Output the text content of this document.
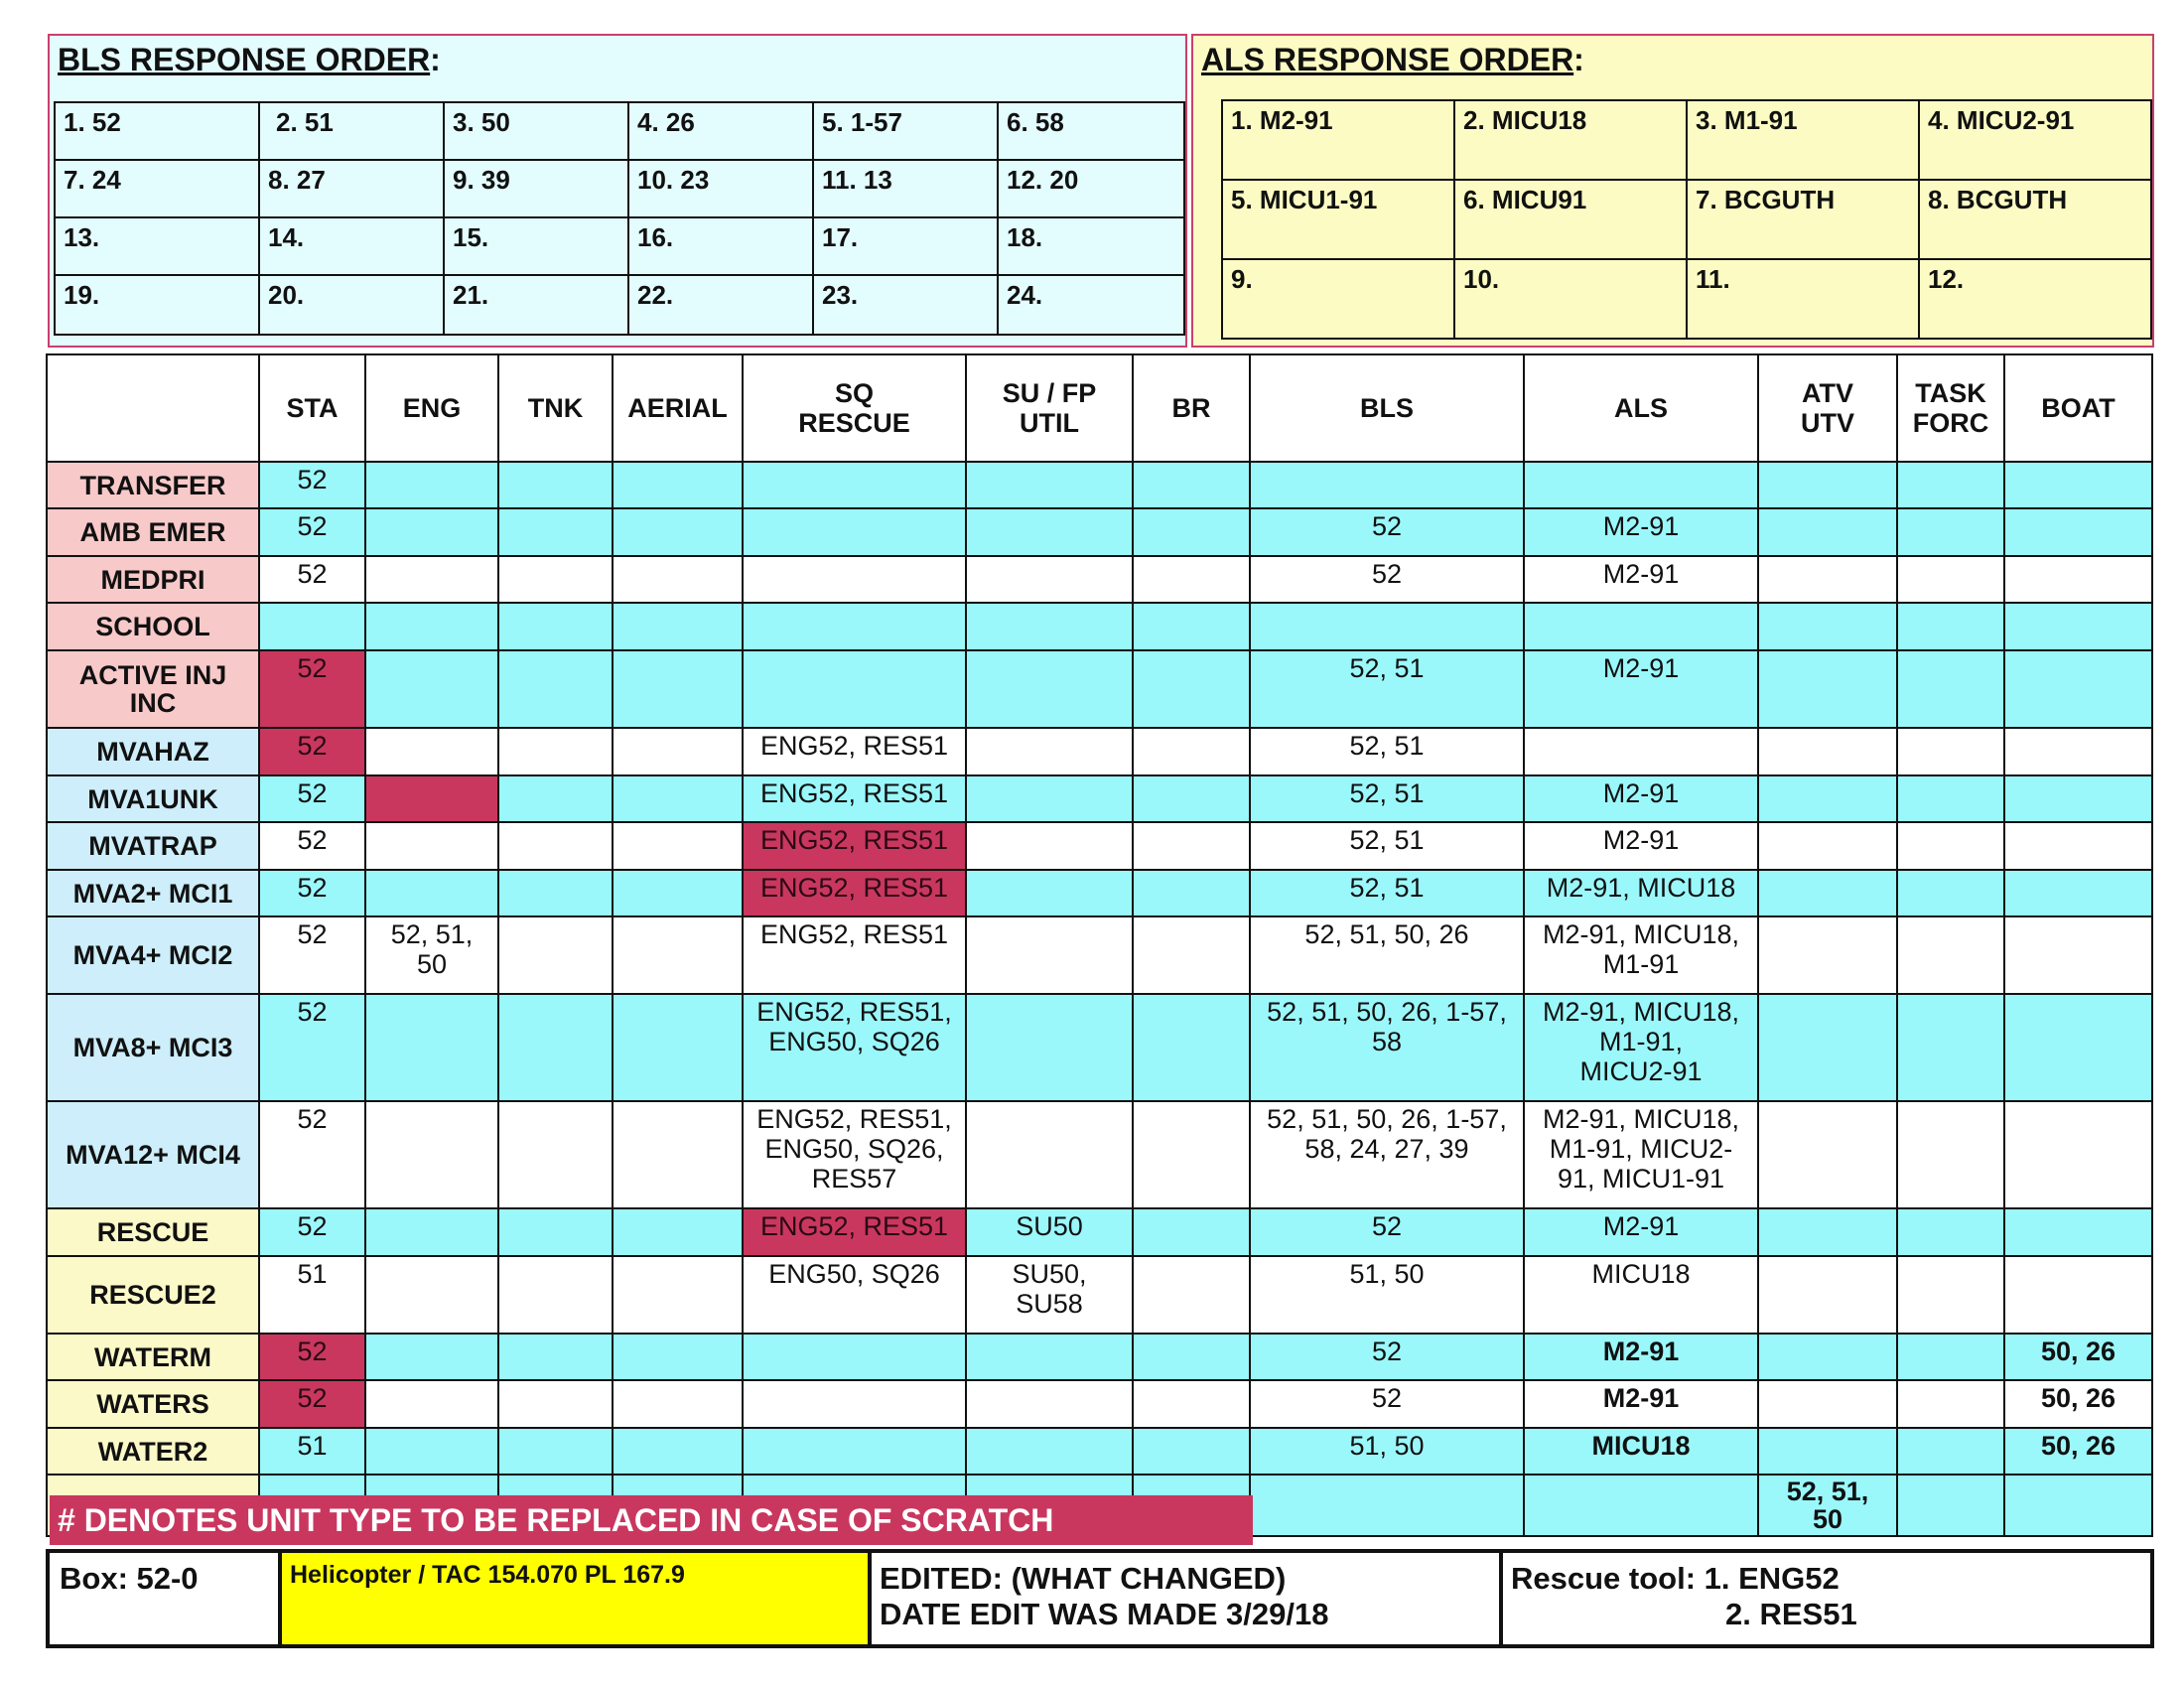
BLS RESPONSE ORDER:
1. 52	2. 51	3. 50	4. 26	5. 1-57	6. 58
7. 24	8. 27	9. 39	10. 23	11. 13	12. 20
13.	14.	15.	16.	17.	18.
19.	20.	21.	22.	23.	24.
ALS RESPONSE ORDER:
1. M2-91	2. MICU18	3. M1-91	4. MICU2-91
5. MICU1-91	6. MICU91	7. BCGUTH	8. BCGUTH
9.	10.	11.	12.
	STA	ENG	TNK	AERIAL	SQ
RESCUE	SU / FP
UTIL	BR	BLS	ALS	ATV
UTV	TASK
FORC	BOAT
TRANSFER	52											
AMB EMER	52							52	M2-91			
MEDPRI	52							52	M2-91			
SCHOOL												
ACTIVE INJ
INC	52							52, 51	M2-91			
MVAHAZ	52				ENG52, RES51			52, 51				
MVA1UNK	52				ENG52, RES51			52, 51	M2-91			
MVATRAP	52				ENG52, RES51			52, 51	M2-91			
MVA2+ MCI1	52				ENG52, RES51			52, 51	M2-91, MICU18			
MVA4+ MCI2	52	52, 51,
50			ENG52, RES51			52, 51, 50, 26	M2-91, MICU18,
M1-91			
MVA8+ MCI3	52				ENG52, RES51,
ENG50, SQ26			52, 51, 50, 26, 1-57,
58	M2-91, MICU18,
M1-91,
MICU2-91			
MVA12+ MCI4	52				ENG52, RES51,
ENG50, SQ26,
RES57			52, 51, 50, 26, 1-57,
58, 24, 27, 39	M2-91, MICU18,
M1-91, MICU2-
91, MICU1-91			
RESCUE	52				ENG52, RES51	SU50		52	M2-91			
RESCUE2	51				ENG50, SQ26	SU50,
SU58		51, 50	MICU18			
WATERM	52							52	M2-91			50, 26
WATERS	52							52	M2-91			50, 26
WATER2	51							51, 50	MICU18			50, 26
										52, 51,
50		
# DENOTES UNIT TYPE TO BE REPLACED IN CASE OF SCRATCH
Box: 52-0	Helicopter / TAC 154.070 PL 167.9	EDITED: (WHAT CHANGED)
DATE EDIT WAS MADE 3/29/18
Rescue tool: 1. ENG52
2. RES51
